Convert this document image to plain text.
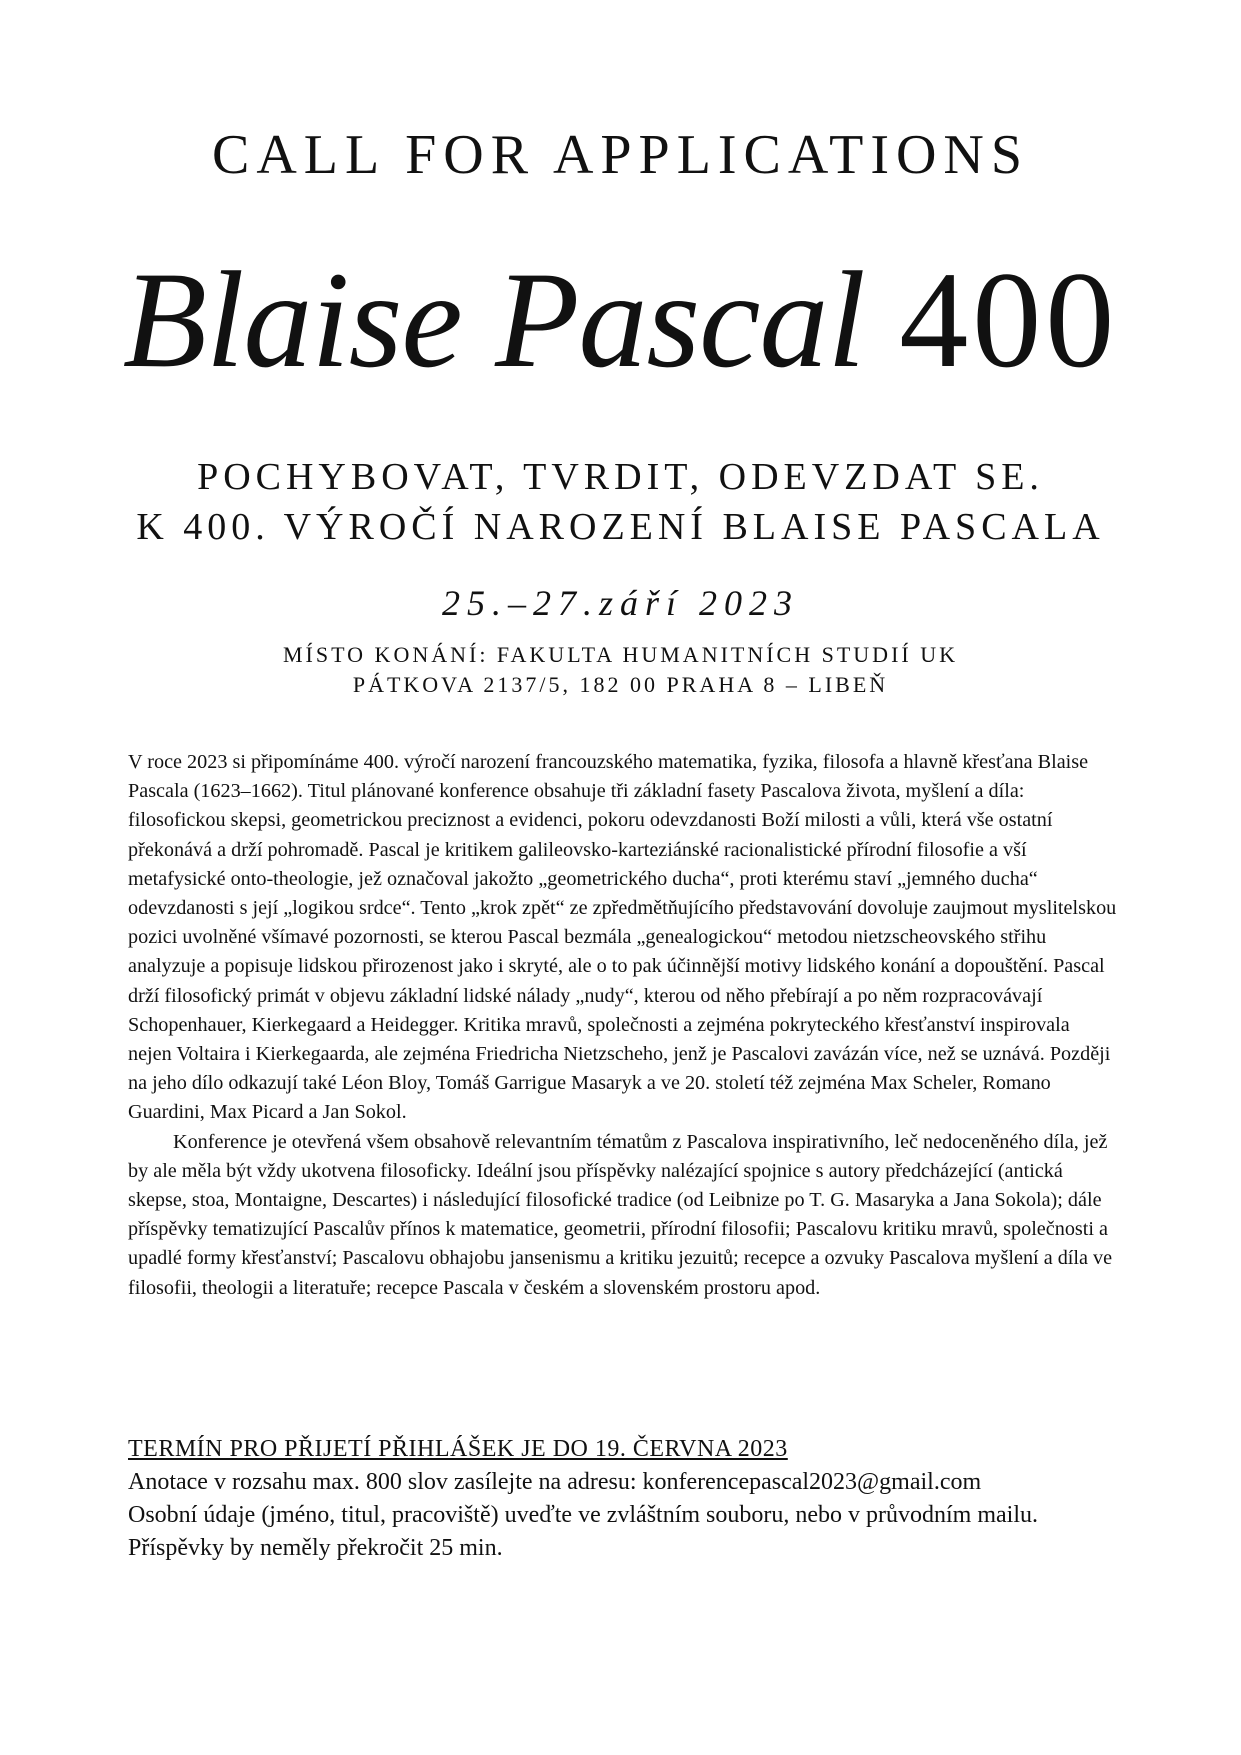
CALL FOR APPLICATIONS
Blaise Pascal 400
POCHYBOVAT, TVRDIT, ODEVZDAT SE.
K 400. VÝROČÍ NAROZENÍ BLAISE PASCALA
25.–27.září 2023
MÍSTO KONÁNÍ: FAKULTA HUMANITNÍCH STUDIÍ UK
PÁTKOVA 2137/5, 182 00 PRAHA 8 – LIBEŇ

V roce 2023 si připomínáme 400. výročí narození francouzského matematika, fyzika, filosofa a hlavně křesťana Blaise Pascala (1623–1662). Titul plánované konference obsahuje tři základní fasety Pascalova života, myšlení a díla: filosofickou skepsi, geometrickou preciznost a evidenci, pokoru odevzdanosti Boží milosti a vůli, která vše ostatní překonává a drží pohromadě. Pascal je kritikem galileovsko-karteziánské racionalistické přírodní filosofie a vší metafysické onto-theologie, jež označoval jakožto „geometrického ducha“, proti kterému staví „jemného ducha“ odevzdanosti s její „logikou srdce“. Tento „krok zpět“ ze zpředmětňujícího představování dovoluje zaujmout myslitelskou pozici uvolněné všímavé pozornosti, se kterou Pascal bezmála „genealogickou“ metodou nietzscheovského střihu analyzuje a popisuje lidskou přirozenost jako i skryté, ale o to pak účinnější motivy lidského konání a dopouštění. Pascal drží filosofický primát v objevu základní lidské nálady „nudy“, kterou od něho přebírají a po něm rozpracovávají Schopenhauer, Kierkegaard a Heidegger. Kritika mravů, společnosti a zejména pokryteckého křesťanství inspirovala nejen Voltaira i Kierkegaarda, ale zejména Friedricha Nietzscheho, jenž je Pascalovi zavázán více, než se uznává. Později na jeho dílo odkazují také Léon Bloy, Tomáš Garrigue Masaryk a ve 20. století též zejména Max Scheler, Romano Guardini, Max Picard a Jan Sokol.

Konference je otevřená všem obsahově relevantním tématům z Pascalova inspirativního, leč nedoceněného díla, jež by ale měla být vždy ukotvena filosoficky. Ideální jsou příspěvky nalézající spojnice s autory předcházející (antická skepse, stoa, Montaigne, Descartes) i následující filosofické tradice (od Leibnize po T. G. Masaryka a Jana Sokola); dále příspěvky tematizující Pascalův přínos k matematice, geometrii, přírodní filosofii; Pascalovu kritiku mravů, společnosti a upadlé formy křesťanství; Pascalovu obhajobu jansenismu a kritiku jezuitů; recepce a ozvuky Pascalova myšlení a díla ve filosofii, theologii a literatuře; recepce Pascala v českém a slovenském prostoru apod.

TERMÍN PRO PŘIJETÍ PŘIHLÁŠEK JE DO 19. ČERVNA 2023

Anotace v rozsahu max. 800 slov zasílejte na adresu: konferencepascal2023@gmail.com

Osobní údaje (jméno, titul, pracoviště) uveďte ve zvláštním souboru, nebo v průvodním mailu.

Příspěvky by neměly překročit 25 min.
